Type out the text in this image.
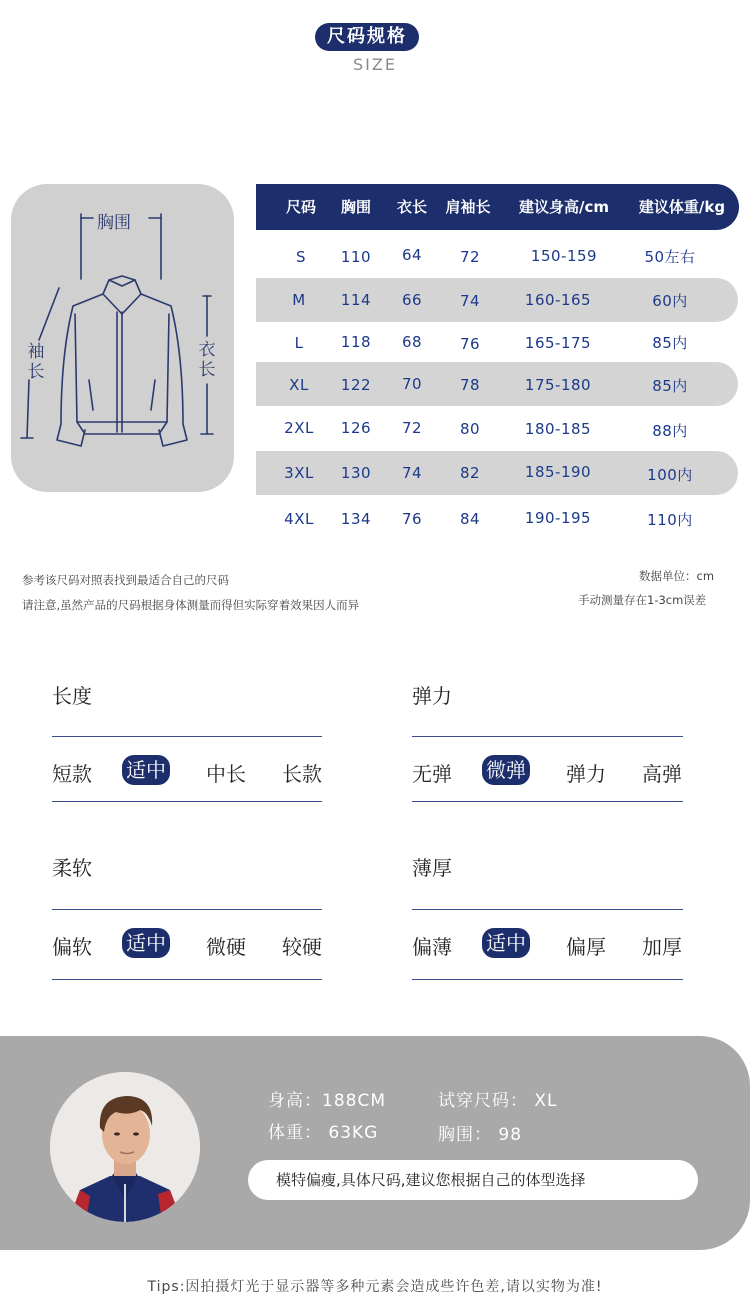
尺码规格
SIZE
胸围
袖长
衣长
尺码	胸围	衣长	肩袖长	建议身高/cm	建议体重/kg
S	110	64	72	150-159	50左右
M	114	66	74	160-165	60内
L	118	68	76	165-175	85内
XL	122	70	78	175-180	85内
2XL	126	72	80	180-185	88内
3XL	130	74	82	185-190	100内
4XL	134	76	84	190-195	110内
参考该尺码对照表找到最适合自己的尺码
请注意,虽然产品的尺码根据身体测量而得但实际穿着效果因人而异
数据单位：cm
手动测量存在1-3cm误差
长度
短款 适中 中长 长款
弹力
无弹 微弹 弹力 高弹
柔软
偏软 适中 微硬 较硬
薄厚
偏薄 适中 偏厚 加厚
身高：188CM
体重： 63KG
试穿尺码： XL
胸围： 98
模特偏瘦,具体尺码,建议您根据自己的体型选择
Tips:因拍摄灯光于显示器等多种元素会造成些许色差,请以实物为准!
